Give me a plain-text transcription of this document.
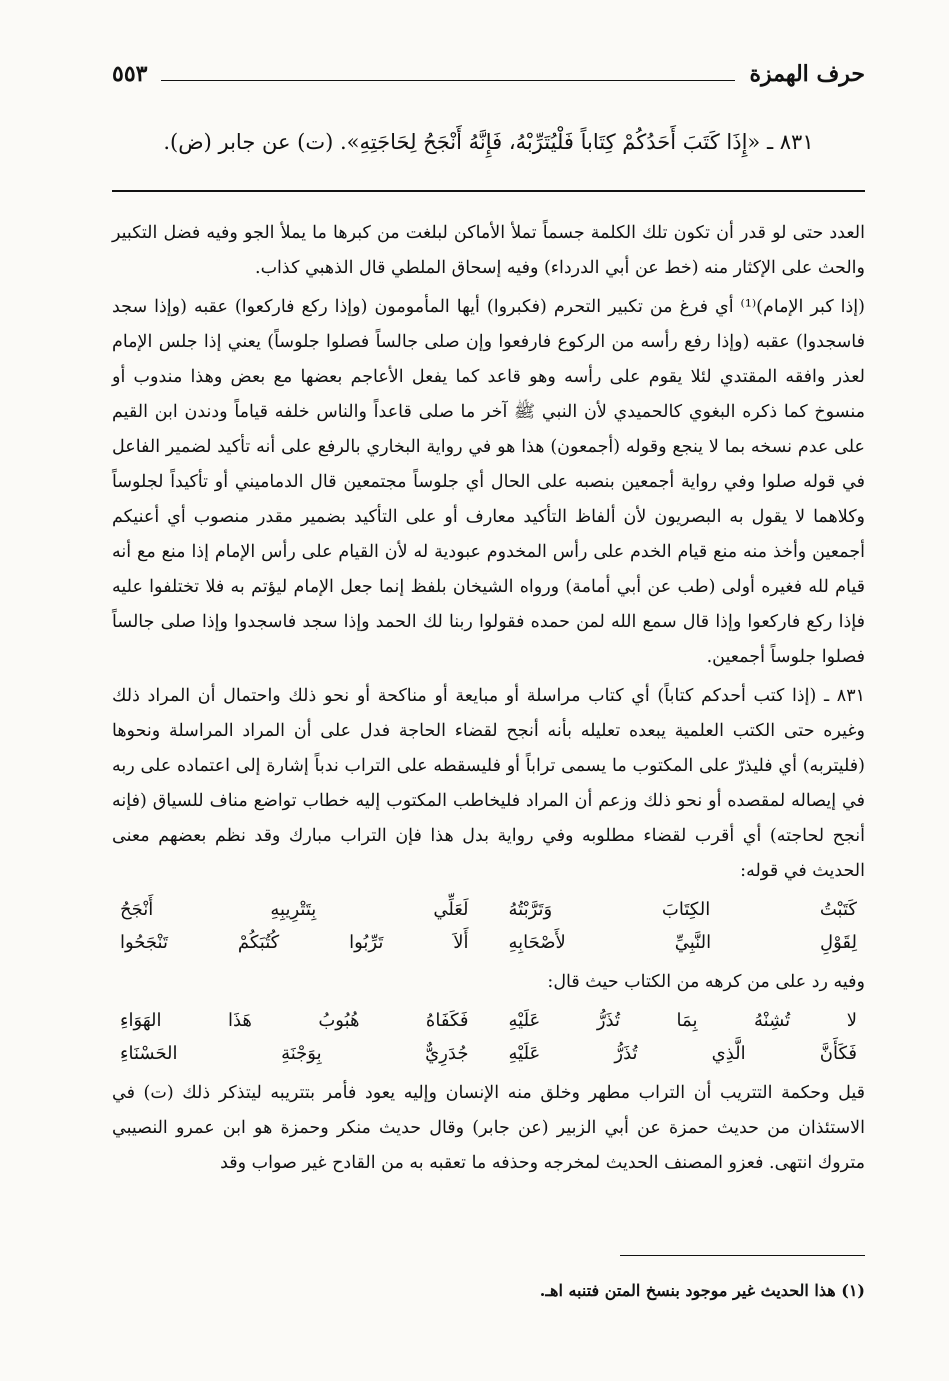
حرف الهمزة
٥٥٣
٨٣١ ـ «إِذَا كَتَبَ أَحَدُكُمْ كِتَاباً فَلْيُتَرِّبْهُ، فَإِنَّهُ أَنْجَحُ لِحَاجَتِهِ». (ت) عن جابر (ض).

العدد حتى لو قدر أن تكون تلك الكلمة جسماً تملأ الأماكن لبلغت من كبرها ما يملأ الجو وفيه فضل التكبير والحث على الإكثار منه (خط عن أبي الدرداء) وفيه إسحاق الملطي قال الذهبي كذاب.

(إذا كبر الإمام)⁽¹⁾ أي فرغ من تكبير التحرم (فكبروا) أيها المأمومون (وإذا ركع فاركعوا) عقبه (وإذا سجد فاسجدوا) عقبه (وإذا رفع رأسه من الركوع فارفعوا وإن صلى جالساً فصلوا جلوساً) يعني إذا جلس الإمام لعذر وافقه المقتدي لئلا يقوم على رأسه وهو قاعد كما يفعل الأعاجم بعضها مع بعض وهذا مندوب أو منسوخ كما ذكره البغوي كالحميدي لأن النبي ﷺ آخر ما صلى قاعداً والناس خلفه قياماً ودندن ابن القيم على عدم نسخه بما لا ينجع وقوله (أجمعون) هذا هو في رواية البخاري بالرفع على أنه تأكيد لضمير الفاعل في قوله صلوا وفي رواية أجمعين بنصبه على الحال أي جلوساً مجتمعين قال الدماميني أو تأكيداً لجلوساً وكلاهما لا يقول به البصريون لأن ألفاظ التأكيد معارف أو على التأكيد بضمير مقدر منصوب أي أعنيكم أجمعين وأخذ منه منع قيام الخدم على رأس المخدوم عبودية له لأن القيام على رأس الإمام إذا منع مع أنه قيام لله فغيره أولى (طب عن أبي أمامة) ورواه الشيخان بلفظ إنما جعل الإمام ليؤتم به فلا تختلفوا عليه فإذا ركع فاركعوا وإذا قال سمع الله لمن حمده فقولوا ربنا لك الحمد وإذا سجد فاسجدوا وإذا صلى جالساً فصلوا جلوساً أجمعين.

٨٣١ ـ (إذا كتب أحدكم كتاباً) أي كتاب مراسلة أو مبايعة أو مناكحة أو نحو ذلك واحتمال أن المراد ذلك وغيره حتى الكتب العلمية يبعده تعليله بأنه أنجح لقضاء الحاجة فدل على أن المراد المراسلة ونحوها (فليتربه) أي فليذرّ على المكتوب ما يسمى تراباً أو فليسقطه على التراب ندباً إشارة إلى اعتماده على ربه في إيصاله لمقصده أو نحو ذلك وزعم أن المراد فليخاطب المكتوب إليه خطاب تواضع مناف للسياق (فإنه أنجح لحاجته) أي أقرب لقضاء مطلوبه وفي رواية بدل هذا فإن التراب مبارك وقد نظم بعضهم معنى الحديث في قوله:

كَتَبْتُ الكِتَابَ وَتَرَّبْتُهُ
لَعَلِّي بِتَتْرِيبِهِ أَنْجَحُ
لِقَوْلِ النَّبِيِّ لأَصْحَابِهِ
أَلاَ تَرِّبُوا كُتُبَكُمْ تَنْجَحُوا

وفيه رد على من كرهه من الكتاب حيث قال:

لا تُشِنْهُ بِمَا تُذَرُّ عَلَيْهِ
فَكَفَاهُ هُبُوبُ هَذَا الهَوَاءِ
فَكَأَنَّ الَّذِي تُذَرُّ عَلَيْهِ
جُدَرِيٌّ بِوَجْنَةِ الحَسْنَاءِ

قيل وحكمة التتريب أن التراب مطهر وخلق منه الإنسان وإليه يعود فأمر بتتريبه ليتذكر ذلك (ت) في الاستئذان من حديث حمزة عن أبي الزبير (عن جابر) وقال حديث منكر وحمزة هو ابن عمرو النصيبي متروك انتهى. فعزو المصنف الحديث لمخرجه وحذفه ما تعقبه به من القادح غير صواب وقد

(١) هذا الحديث غير موجود بنسخ المتن فتنبه اهـ.
